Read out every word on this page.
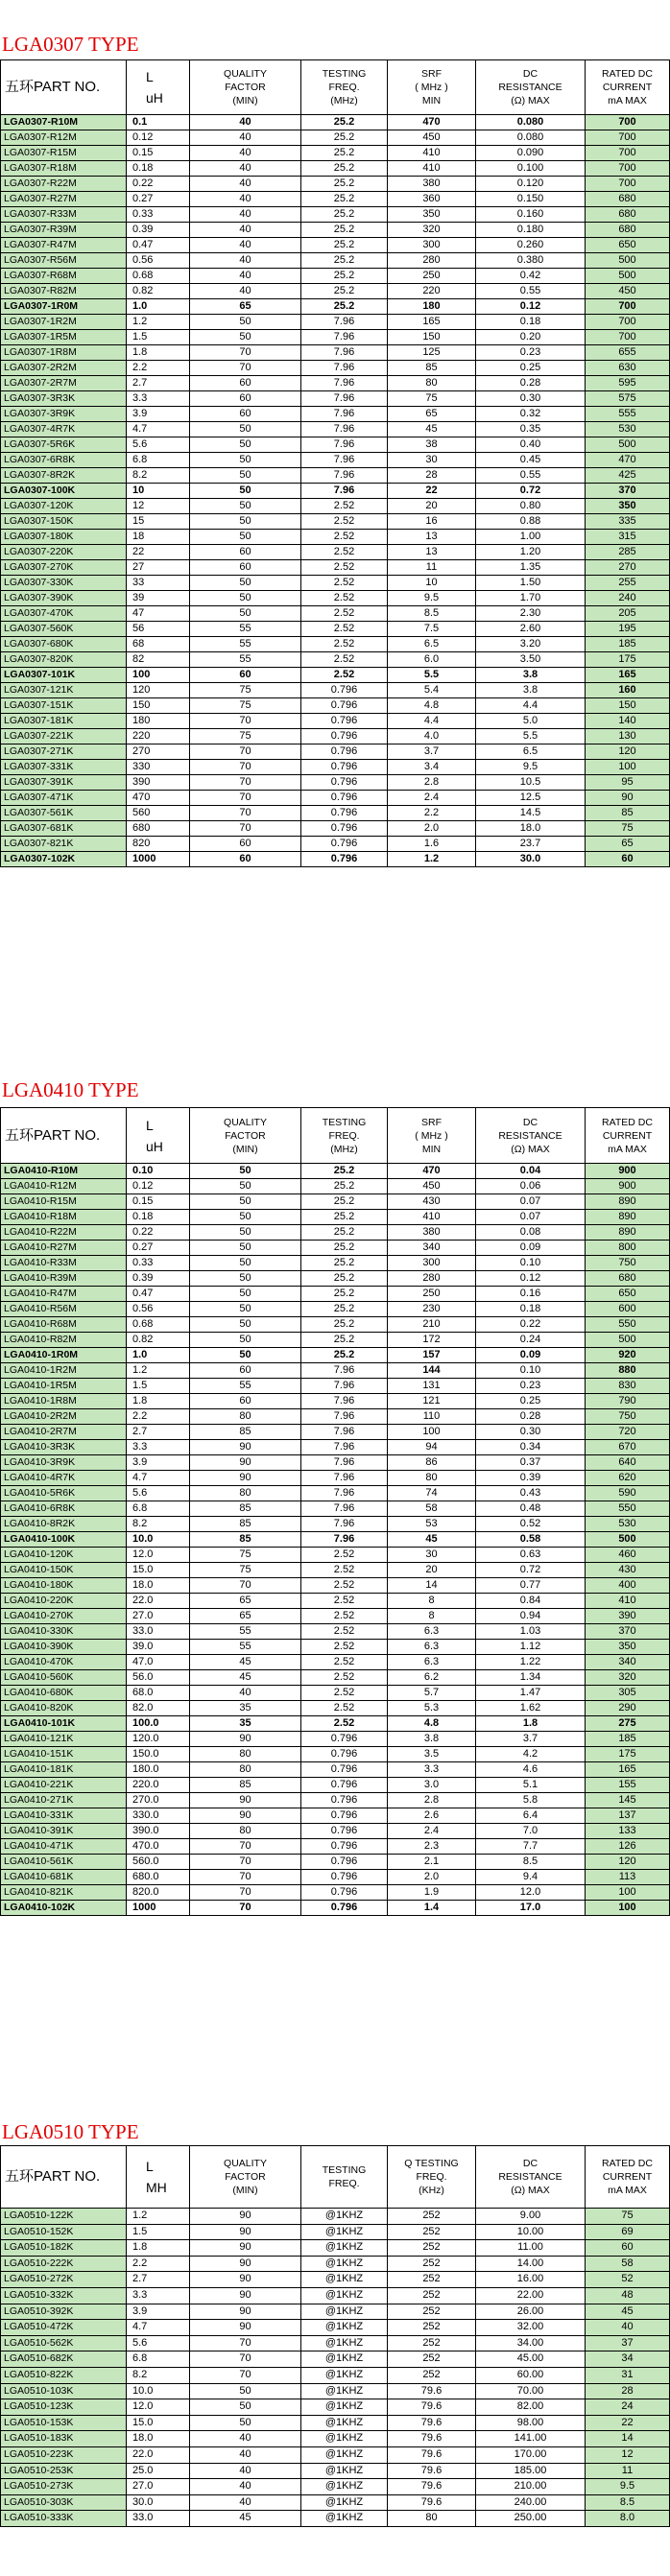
LGA0307 TYPE
五环PART NO.	L
uH	QUALITY
FACTOR
(MIN)	TESTING
FREQ.
(MHz)	SRF
( MHz )
MIN	DC
RESISTANCE
(Ω) MAX	RATED DC
CURRENT
mA MAX

LGA0307-R10M	0.1	40	25.2	470	0.080	700
LGA0307-R12M	0.12	40	25.2	450	0.080	700
LGA0307-R15M	0.15	40	25.2	410	0.090	700
LGA0307-R18M	0.18	40	25.2	410	0.100	700
LGA0307-R22M	0.22	40	25.2	380	0.120	700
LGA0307-R27M	0.27	40	25.2	360	0.150	680
LGA0307-R33M	0.33	40	25.2	350	0.160	680
LGA0307-R39M	0.39	40	25.2	320	0.180	680
LGA0307-R47M	0.47	40	25.2	300	0.260	650
LGA0307-R56M	0.56	40	25.2	280	0.380	500
LGA0307-R68M	0.68	40	25.2	250	0.42	500
LGA0307-R82M	0.82	40	25.2	220	0.55	450
LGA0307-1R0M	1.0	65	25.2	180	0.12	700
LGA0307-1R2M	1.2	50	7.96	165	0.18	700
LGA0307-1R5M	1.5	50	7.96	150	0.20	700
LGA0307-1R8M	1.8	70	7.96	125	0.23	655
LGA0307-2R2M	2.2	70	7.96	85	0.25	630
LGA0307-2R7M	2.7	60	7.96	80	0.28	595
LGA0307-3R3K	3.3	60	7.96	75	0.30	575
LGA0307-3R9K	3.9	60	7.96	65	0.32	555
LGA0307-4R7K	4.7	50	7.96	45	0.35	530
LGA0307-5R6K	5.6	50	7.96	38	0.40	500
LGA0307-6R8K	6.8	50	7.96	30	0.45	470
LGA0307-8R2K	8.2	50	7.96	28	0.55	425
LGA0307-100K	10	50	7.96	22	0.72	370
LGA0307-120K	12	50	2.52	20	0.80	350
LGA0307-150K	15	50	2.52	16	0.88	335
LGA0307-180K	18	50	2.52	13	1.00	315
LGA0307-220K	22	60	2.52	13	1.20	285
LGA0307-270K	27	60	2.52	11	1.35	270
LGA0307-330K	33	50	2.52	10	1.50	255
LGA0307-390K	39	50	2.52	9.5	1.70	240
LGA0307-470K	47	50	2.52	8.5	2.30	205
LGA0307-560K	56	55	2.52	7.5	2.60	195
LGA0307-680K	68	55	2.52	6.5	3.20	185
LGA0307-820K	82	55	2.52	6.0	3.50	175
LGA0307-101K	100	60	2.52	5.5	3.8	165
LGA0307-121K	120	75	0.796	5.4	3.8	160
LGA0307-151K	150	75	0.796	4.8	4.4	150
LGA0307-181K	180	70	0.796	4.4	5.0	140
LGA0307-221K	220	75	0.796	4.0	5.5	130
LGA0307-271K	270	70	0.796	3.7	6.5	120
LGA0307-331K	330	70	0.796	3.4	9.5	100
LGA0307-391K	390	70	0.796	2.8	10.5	95
LGA0307-471K	470	70	0.796	2.4	12.5	90
LGA0307-561K	560	70	0.796	2.2	14.5	85
LGA0307-681K	680	70	0.796	2.0	18.0	75
LGA0307-821K	820	60	0.796	1.6	23.7	65
LGA0307-102K	1000	60	0.796	1.2	30.0	60
LGA0410 TYPE
五环PART NO.	L
uH	QUALITY
FACTOR
(MIN)	TESTING
FREQ.
(MHz)	SRF
( MHz )
MIN	DC
RESISTANCE
(Ω) MAX	RATED DC
CURRENT
mA MAX

LGA0410-R10M	0.10	50	25.2	470	0.04	900
LGA0410-R12M	0.12	50	25.2	450	0.06	900
LGA0410-R15M	0.15	50	25.2	430	0.07	890
LGA0410-R18M	0.18	50	25.2	410	0.07	890
LGA0410-R22M	0.22	50	25.2	380	0.08	890
LGA0410-R27M	0.27	50	25.2	340	0.09	800
LGA0410-R33M	0.33	50	25.2	300	0.10	750
LGA0410-R39M	0.39	50	25.2	280	0.12	680
LGA0410-R47M	0.47	50	25.2	250	0.16	650
LGA0410-R56M	0.56	50	25.2	230	0.18	600
LGA0410-R68M	0.68	50	25.2	210	0.22	550
LGA0410-R82M	0.82	50	25.2	172	0.24	500
LGA0410-1R0M	1.0	50	25.2	157	0.09	920
LGA0410-1R2M	1.2	60	7.96	144	0.10	880
LGA0410-1R5M	1.5	55	7.96	131	0.23	830
LGA0410-1R8M	1.8	60	7.96	121	0.25	790
LGA0410-2R2M	2.2	80	7.96	110	0.28	750
LGA0410-2R7M	2.7	85	7.96	100	0.30	720
LGA0410-3R3K	3.3	90	7.96	94	0.34	670
LGA0410-3R9K	3.9	90	7.96	86	0.37	640
LGA0410-4R7K	4.7	90	7.96	80	0.39	620
LGA0410-5R6K	5.6	80	7.96	74	0.43	590
LGA0410-6R8K	6.8	85	7.96	58	0.48	550
LGA0410-8R2K	8.2	85	7.96	53	0.52	530
LGA0410-100K	10.0	85	7.96	45	0.58	500
LGA0410-120K	12.0	75	2.52	30	0.63	460
LGA0410-150K	15.0	75	2.52	20	0.72	430
LGA0410-180K	18.0	70	2.52	14	0.77	400
LGA0410-220K	22.0	65	2.52	8	0.84	410
LGA0410-270K	27.0	65	2.52	8	0.94	390
LGA0410-330K	33.0	55	2.52	6.3	1.03	370
LGA0410-390K	39.0	55	2.52	6.3	1.12	350
LGA0410-470K	47.0	45	2.52	6.3	1.22	340
LGA0410-560K	56.0	45	2.52	6.2	1.34	320
LGA0410-680K	68.0	40	2.52	5.7	1.47	305
LGA0410-820K	82.0	35	2.52	5.3	1.62	290
LGA0410-101K	100.0	35	2.52	4.8	1.8	275
LGA0410-121K	120.0	90	0.796	3.8	3.7	185
LGA0410-151K	150.0	80	0.796	3.5	4.2	175
LGA0410-181K	180.0	80	0.796	3.3	4.6	165
LGA0410-221K	220.0	85	0.796	3.0	5.1	155
LGA0410-271K	270.0	90	0.796	2.8	5.8	145
LGA0410-331K	330.0	90	0.796	2.6	6.4	137
LGA0410-391K	390.0	80	0.796	2.4	7.0	133
LGA0410-471K	470.0	70	0.796	2.3	7.7	126
LGA0410-561K	560.0	70	0.796	2.1	8.5	120
LGA0410-681K	680.0	70	0.796	2.0	9.4	113
LGA0410-821K	820.0	70	0.796	1.9	12.0	100
LGA0410-102K	1000	70	0.796	1.4	17.0	100
LGA0510 TYPE
五环PART NO.	L
MH	QUALITY
FACTOR
(MIN)	TESTING
FREQ.	Q TESTING
FREQ.
(KHz)	DC
RESISTANCE
(Ω) MAX	RATED DC
CURRENT
mA MAX

LGA0510-122K	1.2	90	@1KHZ	252	9.00	75
LGA0510-152K	1.5	90	@1KHZ	252	10.00	69
LGA0510-182K	1.8	90	@1KHZ	252	11.00	60
LGA0510-222K	2.2	90	@1KHZ	252	14.00	58
LGA0510-272K	2.7	90	@1KHZ	252	16.00	52
LGA0510-332K	3.3	90	@1KHZ	252	22.00	48
LGA0510-392K	3.9	90	@1KHZ	252	26.00	45
LGA0510-472K	4.7	90	@1KHZ	252	32.00	40
LGA0510-562K	5.6	70	@1KHZ	252	34.00	37
LGA0510-682K	6.8	70	@1KHZ	252	45.00	34
LGA0510-822K	8.2	70	@1KHZ	252	60.00	31
LGA0510-103K	10.0	50	@1KHZ	79.6	70.00	28
LGA0510-123K	12.0	50	@1KHZ	79.6	82.00	24
LGA0510-153K	15.0	50	@1KHZ	79.6	98.00	22
LGA0510-183K	18.0	40	@1KHZ	79.6	141.00	14
LGA0510-223K	22.0	40	@1KHZ	79.6	170.00	12
LGA0510-253K	25.0	40	@1KHZ	79.6	185.00	11
LGA0510-273K	27.0	40	@1KHZ	79.6	210.00	9.5
LGA0510-303K	30.0	40	@1KHZ	79.6	240.00	8.5
LGA0510-333K	33.0	45	@1KHZ	80	250.00	8.0
